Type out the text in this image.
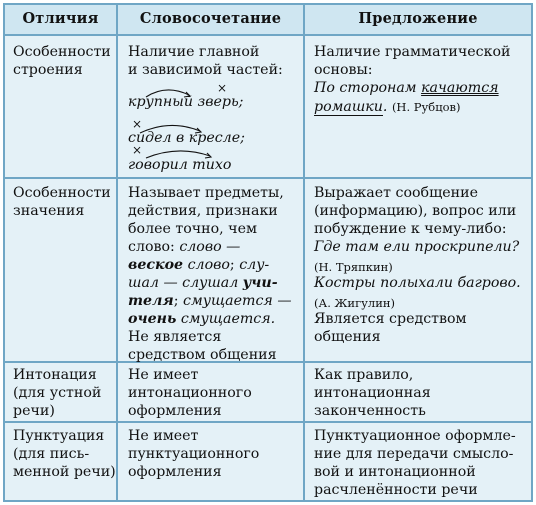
Отличия	Словосочетание	Предложение
Особенности
строения
Наличие главной
и зависимой частей:
×
крупный зверь;
×
сидел в кресле;
×
говорил тихо
Наличие грамматической
основы:
По сторонам качаются
ромашки. (Н. Рубцов)
Особенности
значения
Называет предметы,
действия, признаки
более точно, чем
слово: слово —
веское слово; слу-
шал — слушал учи-
теля; смущается —
очень смущается.
Не является
средством общения
Выражает сообщение
(информацию), вопрос или
побуждение к чему-либо:
Где там ели проскрипели?
(Н. Тряпкин)
Костры полыхали багрово.
(А. Жигулин)
Является средством
общения
Интонация
(для устной
речи)
Не имеет
интонационного
оформления
Как правило,
интонационная
законченность
Пунктуация
(для пись-
менной речи)
Не имеет
пунктуационного
оформления
Пунктуационное оформле-
ние для передачи смысло-
вой и интонационной
расчленённости речи
